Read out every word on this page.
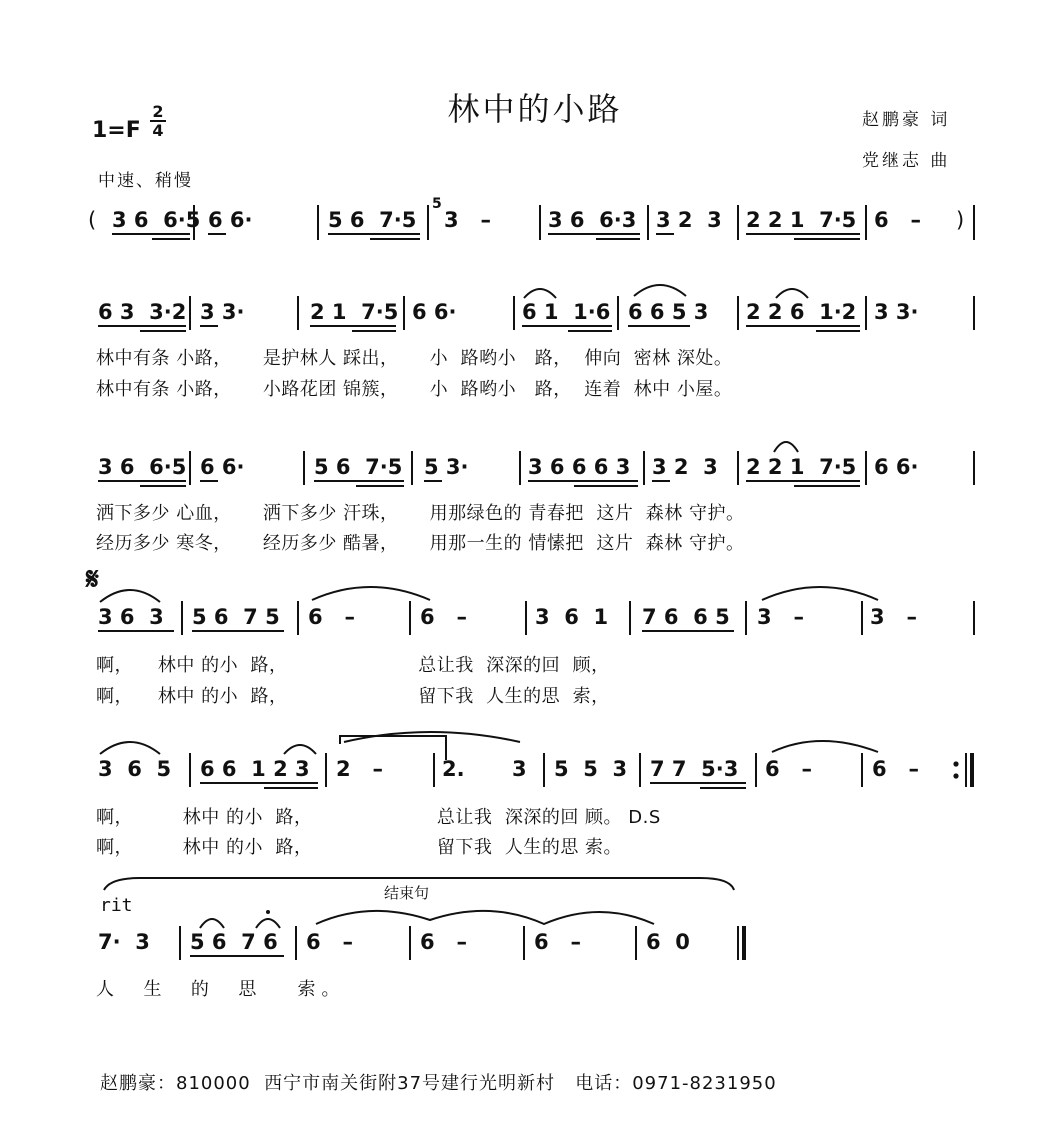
林中的小路	赵鹏豪 词
党继志 曲
1=F
2
4
中速、稍慢
( 3 6  6·5 6 6·	5 6  7·5
5
3   –	3 6  6·3 3 2  3 2 2 1  7·5 6   – )
6 3  3·2 3 3·	2 1  7·5 6 6·	6 1  1·6 6 6 5 3 2 2 6  1·2 3 3·
林中有条 小路，     是护林人 踩出，     小  路哟小   路，  伸向  密林 深处。
林中有条 小路，     小路花团 锦簇，     小  路哟小   路，  连着  林中 小屋。
3 6  6·5 6 6·	5 6  7·5 5 3·	3 6 6 6 3 3 2  3 2 2 1  7·5 6 6·
洒下多少 心血，     洒下多少 汗珠，     用那绿色的 青春把  这片  森林 守护。
经历多少 寒冬，     经历多少 酷暑，     用那一生的 情愫把  这片  森林 守护。
𝄋
3 6  3 5 6  7 5 6   –	6   –	3  6  1 7 6  6 5 3   –	3   –
啊，    林中 的小  路，                     总让我  深深的回  顾，
啊，    林中 的小  路，                     留下我  人生的思  索，
3  6  5 6 6  1 2 3 2   –	2. 3 5  5  3 7 7  5·3 6   –	6   –
啊，        林中 的小  路，                    总让我  深深的回 顾。 D.S
啊，        林中 的小  路，                    留下我  人生的思 索。
rit
结束句
7·  3 5 6  7 6 6   –	6   –	6   –	6  0
人  生  的  思   索。
赵鹏豪：810000  西宁市南关街附37号建行光明新村   电话：0971-8231950
